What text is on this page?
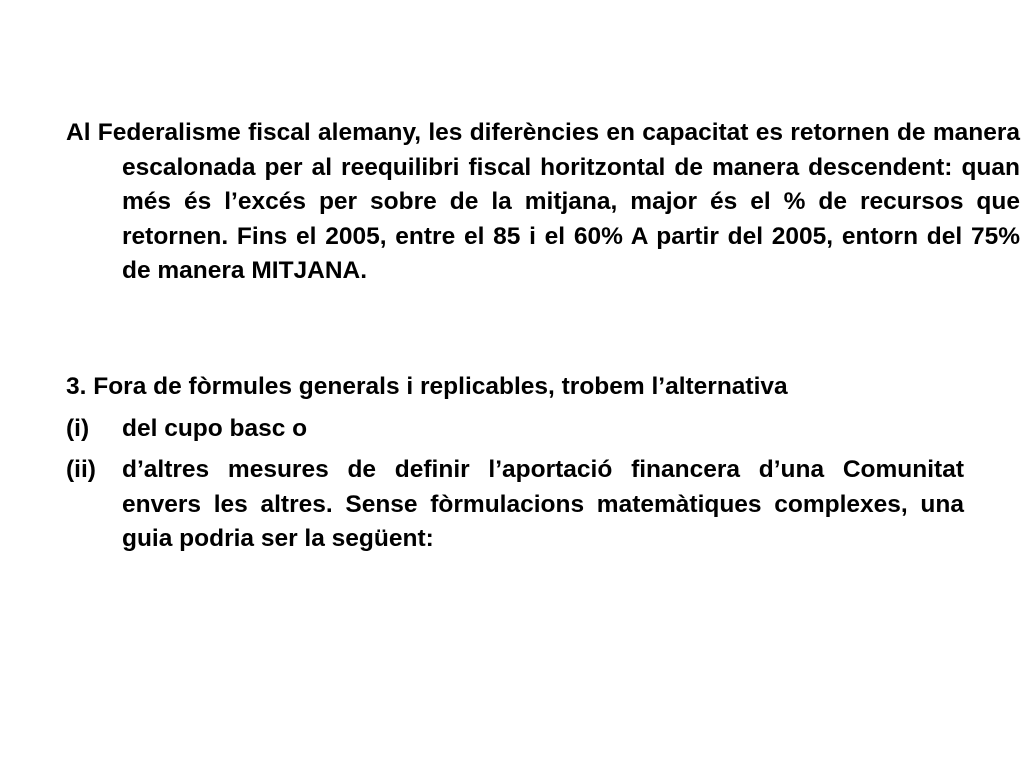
Al Federalisme fiscal alemany, les diferències en capacitat es retornen de manera escalonada per al reequilibri fiscal horitzontal de manera descendent: quan més és l’excés per sobre de la mitjana, major és el % de recursos que retornen. Fins el 2005, entre el 85 i el 60% A partir del 2005, entorn del 75% de manera MITJANA.
3. Fora de fòrmules generals i replicables, trobem l’alternativa
(i)	del cupo basc o
(ii)	d’altres mesures de definir l’aportació financera d’una Comunitat envers les altres. Sense fòrmulacions matemàtiques complexes, una guia podria ser la següent:
